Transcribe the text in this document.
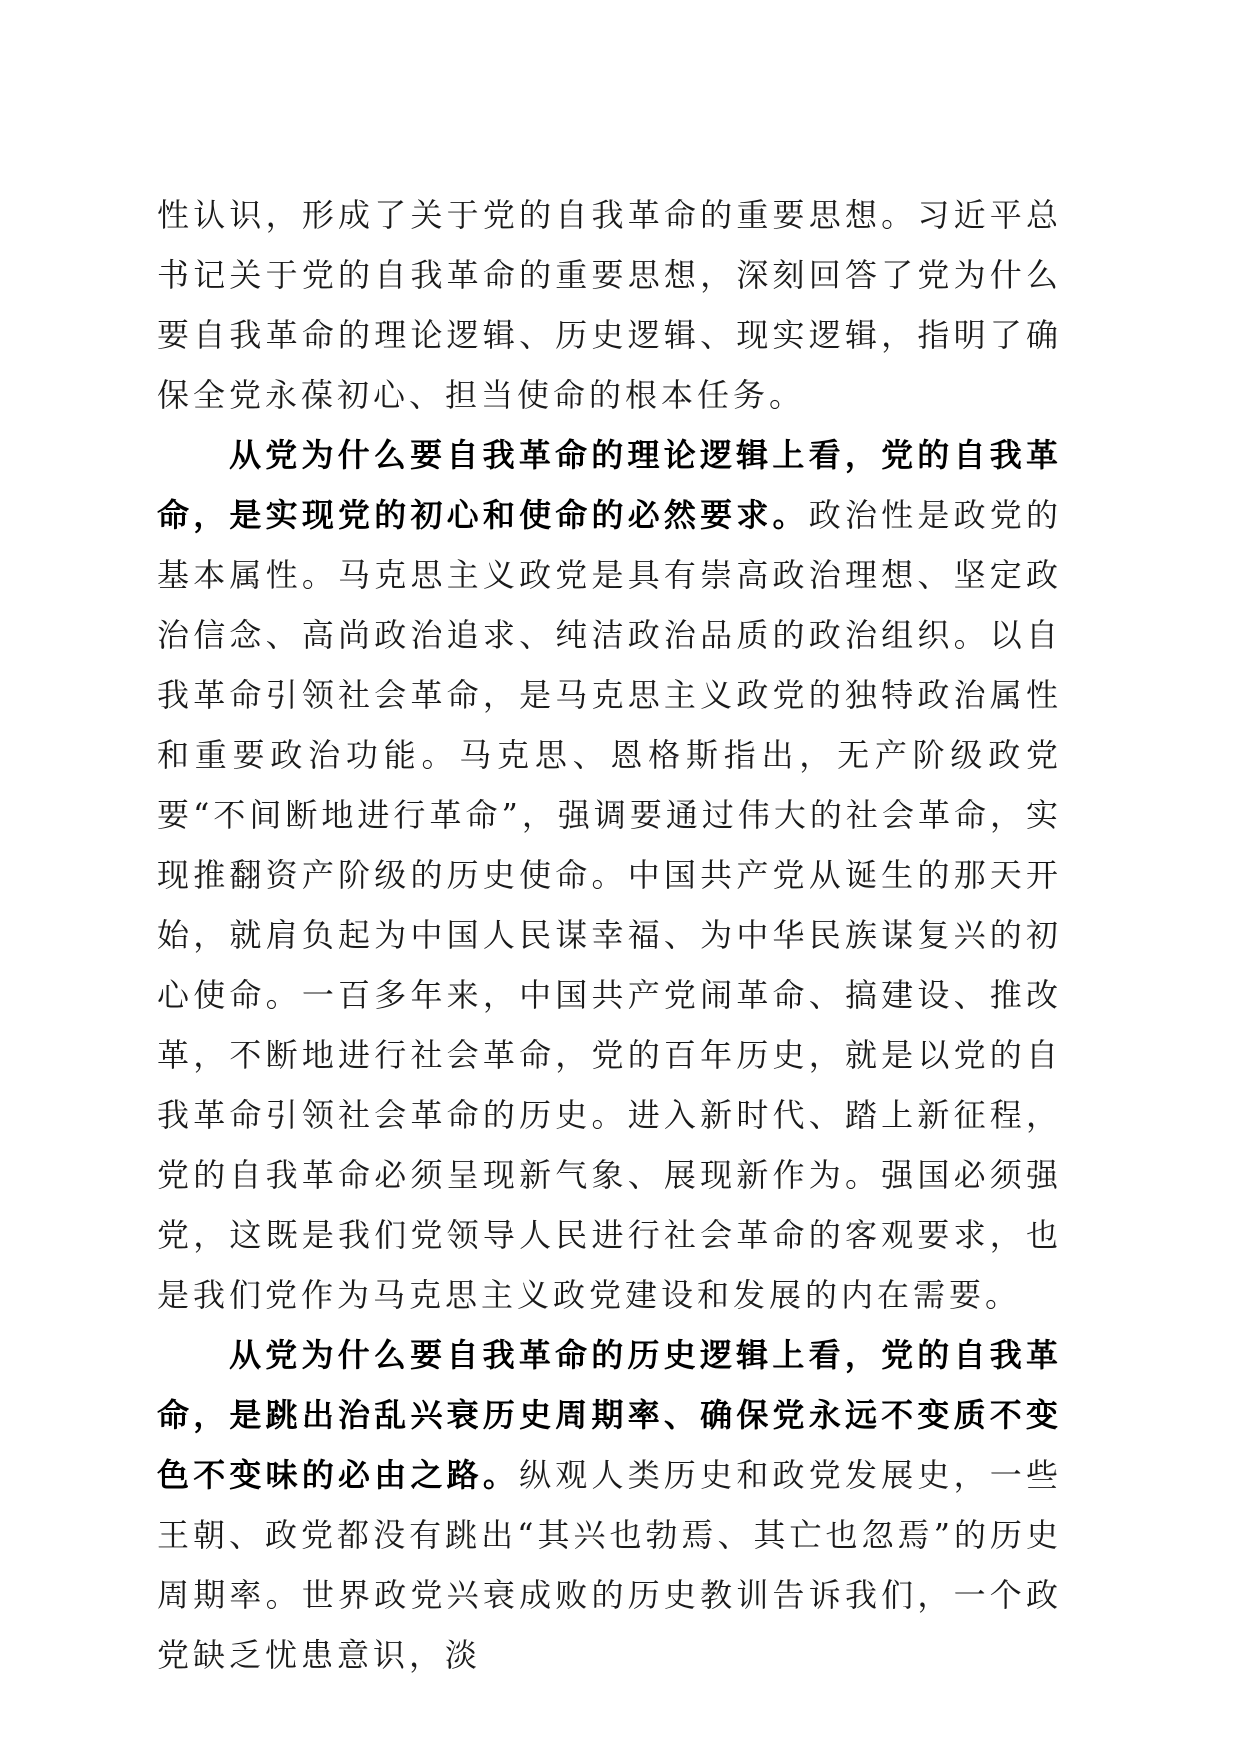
性认识，形成了关于党的自我革命的重要思想。习近平总书记关于党的自我革命的重要思想，深刻回答了党为什么要自我革命的理论逻辑、历史逻辑、现实逻辑，指明了确保全党永葆初心、担当使命的根本任务。

从党为什么要自我革命的理论逻辑上看，党的自我革命，是实现党的初心和使命的必然要求。政治性是政党的基本属性。马克思主义政党是具有崇高政治理想、坚定政治信念、高尚政治追求、纯洁政治品质的政治组织。以自我革命引领社会革命，是马克思主义政党的独特政治属性和重要政治功能。马克思、恩格斯指出，无产阶级政党要“不间断地进行革命”，强调要通过伟大的社会革命，实现推翻资产阶级的历史使命。中国共产党从诞生的那天开始，就肩负起为中国人民谋幸福、为中华民族谋复兴的初心使命。一百多年来，中国共产党闹革命、搞建设、推改革，不断地进行社会革命，党的百年历史，就是以党的自我革命引领社会革命的历史。进入新时代、踏上新征程，党的自我革命必须呈现新气象、展现新作为。强国必须强党，这既是我们党领导人民进行社会革命的客观要求，也是我们党作为马克思主义政党建设和发展的内在需要。

从党为什么要自我革命的历史逻辑上看，党的自我革命，是跳出治乱兴衰历史周期率、确保党永远不变质不变色不变味的必由之路。纵观人类历史和政党发展史，一些王朝、政党都没有跳出“其兴也勃焉、其亡也忽焉”的历史周期率。世界政党兴衰成败的历史教训告诉我们，一个政党缺乏忧患意识，淡
